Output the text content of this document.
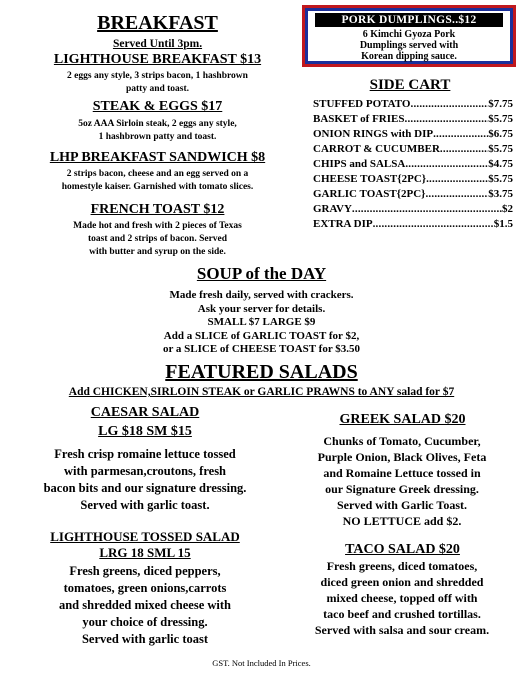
BREAKFAST
Served Until 3pm.
LIGHTHOUSE BREAKFAST $13
2 eggs any style, 3 strips bacon, 1 hashbrown
patty and toast.
STEAK & EGGS $17
5oz AAA Sirloin steak, 2 eggs any style,
1 hashbrown patty and toast.
LHP BREAKFAST SANDWICH $8
2 strips bacon, cheese and an egg served on a
homestyle kaiser. Garnished with tomato slices.
FRENCH TOAST $12
Made hot and fresh with 2 pieces of Texas
toast and 2 strips of bacon. Served
with butter and syrup on the side.
PORK DUMPLINGS..$12
6 Kimchi Gyoza Pork
Dumplings served with
Korean dipping sauce.
SIDE CART
STUFFED POTATO .....	$7.75
BASKET of FRIES .....	$5.75
ONION RINGS with DIP .....	$6.75
CARROT & CUCUMBER .....	$5.75
CHIPS and SALSA .....	$4.75
CHEESE TOAST{2PC} .....	$5.75
GARLIC TOAST{2PC} .....	$3.75
GRAVY .....	$2
EXTRA DIP .....	$1.5
SOUP of the DAY
Made fresh daily, served with crackers.
Ask your server for details.
SMALL $7 LARGE $9
Add a SLICE of GARLIC TOAST for $2,
or a SLICE of CHEESE TOAST for $3.50
FEATURED SALADS
Add CHICKEN,SIRLOIN STEAK or GARLIC PRAWNS to ANY salad for $7
CAESAR SALAD
LG $18 SM $15
Fresh crisp romaine lettuce tossed
with parmesan,croutons, fresh
bacon bits and our signature dressing.
Served with garlic toast.
LIGHTHOUSE TOSSED SALAD
LRG 18 SML 15
Fresh greens, diced peppers,
tomatoes, green onions,carrots
and shredded mixed cheese with
your choice of dressing.
Served with garlic toast
GREEK SALAD $20
Chunks of Tomato, Cucumber,
Purple Onion, Black Olives, Feta
and Romaine Lettuce tossed in
our Signature Greek dressing.
Served with Garlic Toast.
NO LETTUCE add $2.
TACO SALAD $20
Fresh greens, diced tomatoes,
diced green onion and shredded
mixed cheese, topped off with
taco beef and crushed tortillas.
Served with salsa and sour cream.
GST. Not Included In Prices.
